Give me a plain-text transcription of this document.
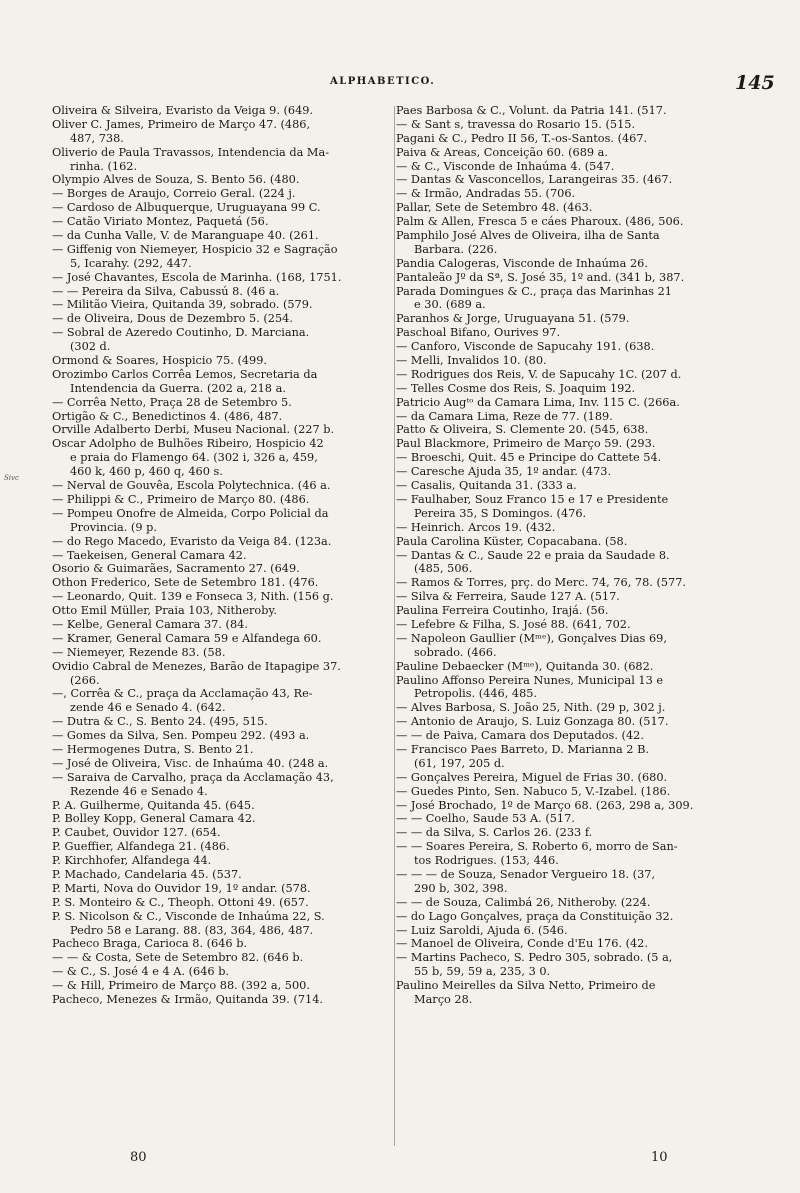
ALPHABETICO.	145
Sivc
Oliveira & Silveira, Evaristo da Veiga 9. (649.
Oliver C. James, Primeiro de Março 47. (486,
487, 738.
Oliverio de Paula Travassos, Intendencia da Ma-
rinha. (162.
Olympio Alves de Souza, S. Bento 56. (480.
— Borges de Araujo, Correio Geral. (224 j.
— Cardoso de Albuquerque, Uruguayana 99 C.
— Catão Viriato Montez, Paquetá (56.
— da Cunha Valle, V. de Maranguape 40. (261.
— Giffenig von Niemeyer, Hospicio 32 e Sagração
5, Icarahy. (292, 447.
— José Chavantes, Escola de Marinha. (168, 1751.
— — Pereira da Silva, Cabussú 8. (46 a.
— Militão Vieira, Quitanda 39, sobrado. (579.
— de Oliveira, Dous de Dezembro 5. (254.
— Sobral de Azeredo Coutinho, D. Marciana.
(302 d.
Ormond & Soares, Hospicio 75. (499.
Orozimbo Carlos Corrêa Lemos, Secretaria da
Intendencia da Guerra. (202 a, 218 a.
— Corrêa Netto, Praça 28 de Setembro 5.
Ortigão & C., Benedictinos 4. (486, 487.
Orville Adalberto Derbi, Museu Nacional. (227 b.
Oscar Adolpho de Bulhões Ribeiro, Hospicio 42
e praia do Flamengo 64. (302 i, 326 a, 459,
460 k, 460 p, 460 q, 460 s.
— Nerval de Gouvêa, Escola Polytechnica. (46 a.
— Philippi & C., Primeiro de Março 80. (486.
— Pompeu Onofre de Almeida, Corpo Policial da
Provincia. (9 p.
— do Rego Macedo, Evaristo da Veiga 84. (123a.
— Taekeisen, General Camara 42.
Osorio & Guimarães, Sacramento 27. (649.
Othon Frederico, Sete de Setembro 181. (476.
— Leonardo, Quit. 139 e Fonseca 3, Nith. (156 g.
Otto Emil Müller, Praia 103, Nitheroby.
— Kelbe, General Camara 37. (84.
— Kramer, General Camara 59 e Alfandega 60.
— Niemeyer, Rezende 83. (58.
Ovidio Cabral de Menezes, Barão de Itapagipe 37.
(266.
—, Corrêa & C., praça da Acclamação 43, Re-
zende 46 e Senado 4. (642.
— Dutra & C., S. Bento 24. (495, 515.
— Gomes da Silva, Sen. Pompeu 292. (493 a.
— Hermogenes Dutra, S. Bento 21.
— José de Oliveira, Visc. de Inhaúma 40. (248 a.
— Saraiva de Carvalho, praça da Acclamação 43,
Rezende 46 e Senado 4.
P. A. Guilherme, Quitanda 45. (645.
P. Bolley Kopp, General Camara 42.
P. Caubet, Ouvidor 127. (654.
P. Gueffier, Alfandega 21. (486.
P. Kirchhofer, Alfandega 44.
P. Machado, Candelaria 45. (537.
P. Marti, Nova do Ouvidor 19, 1º andar. (578.
P. S. Monteiro & C., Theoph. Ottoni 49. (657.
P. S. Nicolson & C., Visconde de Inhaúma 22, S.
Pedro 58 e Larang. 88. (83, 364, 486, 487.
Pacheco Braga, Carioca 8. (646 b.
— — & Costa, Sete de Setembro 82. (646 b.
— & C., S. José 4 e 4 A. (646 b.
— & Hill, Primeiro de Março 88. (392 a, 500.
Pacheco, Menezes & Irmão, Quitanda 39. (714.
Paes Barbosa & C., Volunt. da Patria 141. (517.
— & Sant s, travessa do Rosario 15. (515.
Pagani & C., Pedro II 56, T.-os-Santos. (467.
Paiva & Areas, Conceição 60. (689 a.
— & C., Visconde de Inhaúma 4. (547.
— Dantas & Vasconcellos, Larangeiras 35. (467.
— & Irmão, Andradas 55. (706.
Pallar, Sete de Setembro 48. (463.
Palm & Allen, Fresca 5 e cáes Pharoux. (486, 506.
Pamphilo José Alves de Oliveira, ilha de Santa
Barbara. (226.
Pandia Calogeras, Visconde de Inhaúma 26.
Pantaleão Jº da Sª, S. José 35, 1º and. (341 b, 387.
Parada Domingues & C., praça das Marinhas 21
e 30. (689 a.
Paranhos & Jorge, Uruguayana 51. (579.
Paschoal Bifano, Ourives 97.
— Canforo, Visconde de Sapucahy 191. (638.
— Melli, Invalidos 10. (80.
— Rodrigues dos Reis, V. de Sapucahy 1C. (207 d.
— Telles Cosme dos Reis, S. Joaquim 192.
Patricio Augᵗᵒ da Camara Lima, Inv. 115 C. (266a.
— da Camara Lima, Reze de 77. (189.
Patto & Oliveira, S. Clemente 20. (545, 638.
Paul Blackmore, Primeiro de Março 59. (293.
— Broeschi, Quit. 45 e Principe do Cattete 54.
— Caresche Ajuda 35, 1º andar. (473.
— Casalis, Quitanda 31. (333 a.
— Faulhaber, Souz Franco 15 e 17 e Presidente
Pereira 35, S Domingos. (476.
— Heinrich. Arcos 19. (432.
Paula Carolina Küster, Copacabana. (58.
— Dantas & C., Saude 22 e praia da Saudade 8.
(485, 506.
— Ramos & Torres, prç. do Merc. 74, 76, 78. (577.
— Silva & Ferreira, Saude 127 A. (517.
Paulina Ferreira Coutinho, Irajá. (56.
— Lefebre & Filha, S. José 88. (641, 702.
— Napoleon Gaullier (Mᵐᵉ), Gonçalves Dias 69,
sobrado. (466.
Pauline Debaecker (Mᵐᵉ), Quitanda 30. (682.
Paulino Affonso Pereira Nunes, Municipal 13 e
Petropolis. (446, 485.
— Alves Barbosa, S. João 25, Nith. (29 p, 302 j.
— Antonio de Araujo, S. Luiz Gonzaga 80. (517.
— — de Paiva, Camara dos Deputados. (42.
— Francisco Paes Barreto, D. Marianna 2 B.
(61, 197, 205 d.
— Gonçalves Pereira, Miguel de Frias 30. (680.
— Guedes Pinto, Sen. Nabuco 5, V.-Izabel. (186.
— José Brochado, 1º de Março 68. (263, 298 a, 309.
— — Coelho, Saude 53 A. (517.
— — da Silva, S. Carlos 26. (233 f.
— — Soares Pereira, S. Roberto 6, morro de San-
tos Rodrigues. (153, 446.
— — — de Souza, Senador Vergueiro 18. (37,
290 b, 302, 398.
— — de Souza, Calimbá 26, Nitheroby. (224.
— do Lago Gonçalves, praça da Constituição 32.
— Luiz Saroldi, Ajuda 6. (546.
— Manoel de Oliveira, Conde d'Eu 176. (42.
— Martins Pacheco, S. Pedro 305, sobrado. (5 a,
55 b, 59, 59 a, 235, 3 0.
Paulino Meirelles da Silva Netto, Primeiro de
Março 28.
80	10
